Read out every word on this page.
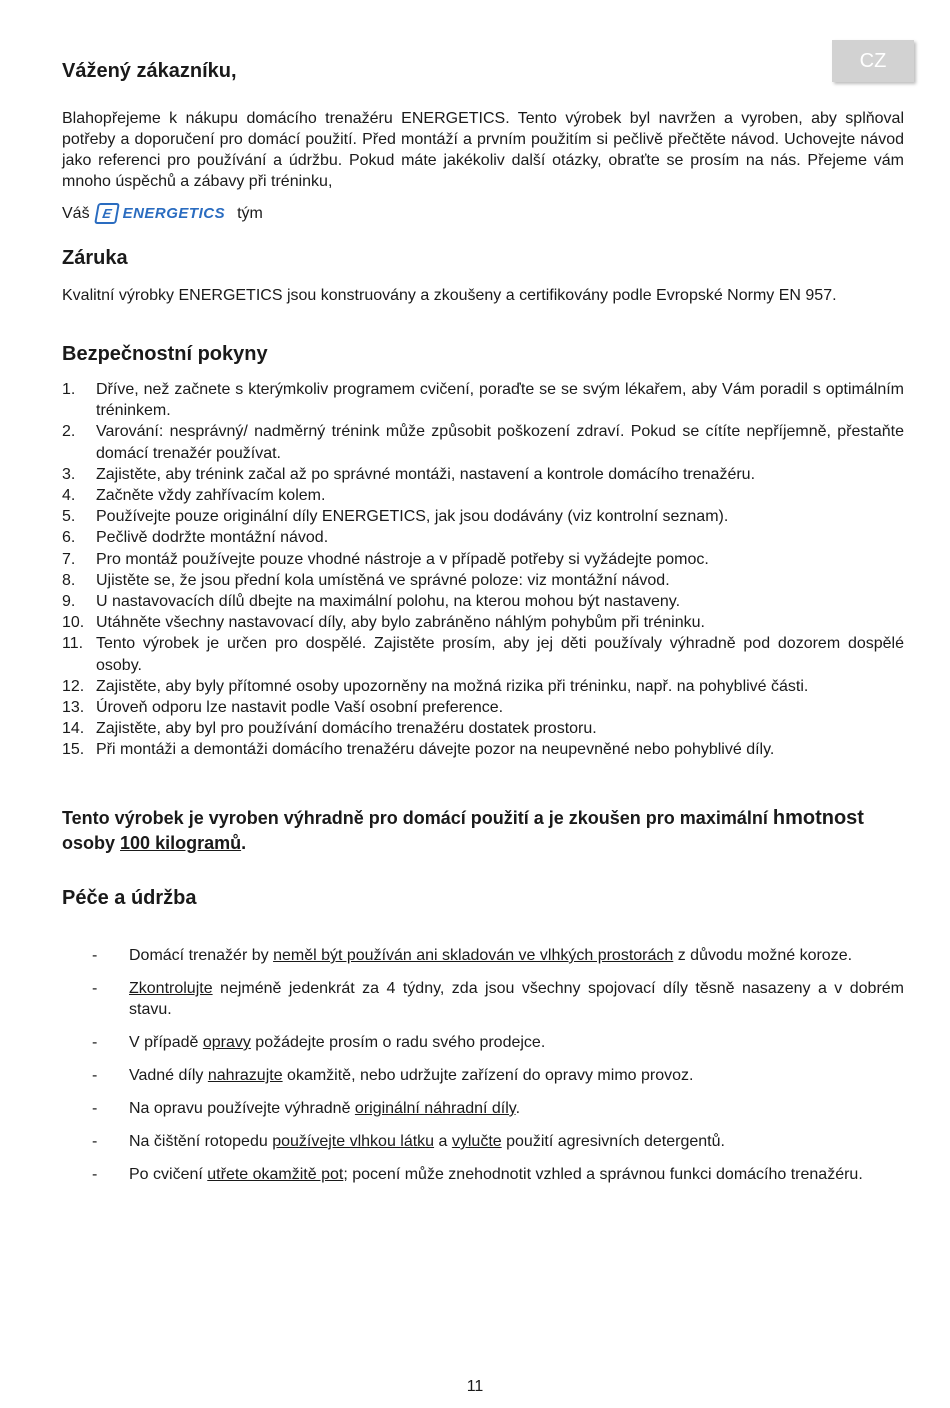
CZ
Vážený zákazníku,
Blahopřejeme k nákupu domácího trenažéru ENERGETICS. Tento výrobek byl navržen a vyroben, aby splňoval potřeby a doporučení pro domácí použití. Před montáží a prvním použitím si pečlivě přečtěte návod. Uchovejte návod jako referenci pro používání a údržbu. Pokud máte jakékoliv další otázky, obraťte se prosím na nás. Přejeme vám mnoho úspěchů a zábavy při tréninku,
Váš E ENERGETICS tým
Záruka
Kvalitní výrobky ENERGETICS jsou konstruovány a zkoušeny a certifikovány podle Evropské Normy EN 957.
Bezpečnostní pokyny
1. Dříve, než začnete s kterýmkoliv programem cvičení, poraďte se se svým lékařem, aby Vám poradil s optimálním tréninkem.
2. Varování: nesprávný/ nadměrný trénink může způsobit poškození zdraví. Pokud se cítíte nepříjemně, přestaňte domácí trenažér používat.
3. Zajistěte, aby trénink začal až po správné montáži, nastavení a kontrole domácího trenažéru.
4. Začněte vždy zahřívacím kolem.
5. Používejte pouze originální díly ENERGETICS, jak jsou dodávány (viz kontrolní seznam).
6. Pečlivě dodržte montážní návod.
7. Pro montáž používejte pouze vhodné nástroje a v případě potřeby si vyžádejte pomoc.
8. Ujistěte se, že jsou přední kola umístěná ve správné poloze: viz montážní návod.
9. U nastavovacích dílů dbejte na maximální polohu, na kterou mohou být nastaveny.
10. Utáhněte všechny nastavovací díly, aby bylo zabráněno náhlým pohybům při tréninku.
11. Tento výrobek je určen pro dospělé. Zajistěte prosím, aby jej děti používaly výhradně pod dozorem dospělé osoby.
12. Zajistěte, aby byly přítomné osoby upozorněny na možná rizika při tréninku, např. na pohyblivé části.
13. Úroveň odporu lze nastavit podle Vaší osobní preference.
14. Zajistěte, aby byl pro používání domácího trenažéru dostatek prostoru.
15. Při montáži a demontáži domácího trenažéru dávejte pozor na neupevněné nebo pohyblivé díly.
Tento výrobek je vyroben výhradně pro domácí použití a je zkoušen pro maximální hmotnost osoby 100 kilogramů.
Péče a údržba
- Domácí trenažér by neměl být používán ani skladován ve vlhkých prostorách z důvodu možné koroze.
- Zkontrolujte nejméně jedenkrát za 4 týdny, zda jsou všechny spojovací díly těsně nasazeny a v dobrém stavu.
- V případě opravy požádejte prosím o radu svého prodejce.
- Vadné díly nahrazujte okamžitě, nebo udržujte zařízení do opravy mimo provoz.
- Na opravu používejte výhradně originální náhradní díly.
- Na čištění rotopedu používejte vlhkou látku a vylučte použití agresivních detergentů.
- Po cvičení utřete okamžitě pot; pocení může znehodnotit vzhled a správnou funkci domácího trenažéru.
11
